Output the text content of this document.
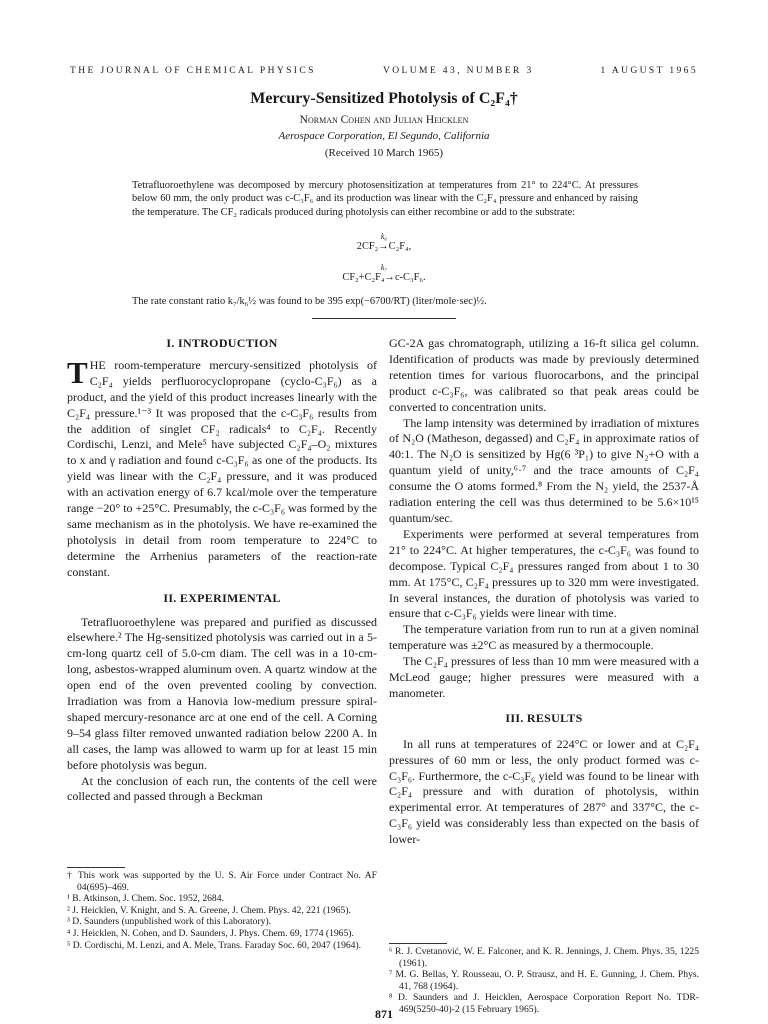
THE JOURNAL OF CHEMICAL PHYSICS	VOLUME 43, NUMBER 3	1 AUGUST 1965
Mercury-Sensitized Photolysis of C₂F₄†
Norman Cohen and Julian Heicklen
Aerospace Corporation, El Segundo, California
(Received 10 March 1965)

Tetrafluoroethylene was decomposed by mercury photosensitization at temperatures from 21° to 224°C. At pressures below 60 mm, the only product was c-C₃F₆ and its production was linear with the C₂F₄ pressure and enhanced by raising the temperature. The CF₂ radicals produced during photolysis can either recombine or add to the substrate:

k₆
2CF₂→C₂F₄,
k₇
CF₂+C₂F₄→c-C₃F₆.
The rate constant ratio k₇/k₆½ was found to be 395 exp(−6700/RT) (liter/mole·sec)½.
I. INTRODUCTION

THE room-temperature mercury-sensitized photolysis of C₂F₄ yields perfluorocyclopropane (cyclo-C₃F₆) as a product, and the yield of this product increases linearly with the C₂F₄ pressure.¹⁻³ It was proposed that the c-C₃F₆ results from the addition of singlet CF₂ radicals⁴ to C₂F₄. Recently Cordischi, Lenzi, and Mele⁵ have subjected C₂F₄–O₂ mixtures to x and γ radiation and found c-C₃F₆ as one of the products. Its yield was linear with the C₂F₄ pressure, and it was produced with an activation energy of 6.7 kcal/mole over the temperature range −20° to +25°C. Presumably, the c-C₃F₆ was formed by the same mechanism as in the photolysis. We have re-examined the photolysis in detail from room temperature to 224°C to determine the Arrhenius parameters of the reaction-rate constant.

II. EXPERIMENTAL

Tetrafluoroethylene was prepared and purified as discussed elsewhere.² The Hg-sensitized photolysis was carried out in a 5-cm-long quartz cell of 5.0-cm diam. The cell was in a 10-cm-long, asbestos-wrapped aluminum oven. A quartz window at the open end of the oven prevented cooling by convection. Irradiation was from a Hanovia low-medium pressure spiral-shaped mercury-resonance arc at one end of the cell. A Corning 9–54 glass filter removed unwanted radiation below 2200 A. In all cases, the lamp was allowed to warm up for at least 15 min before photolysis was begun.

At the conclusion of each run, the contents of the cell were collected and passed through a Beckman

† This work was supported by the U. S. Air Force under Contract No. AF 04(695)–469.

¹ B. Atkinson, J. Chem. Soc. 1952, 2684.

² J. Heicklen, V. Knight, and S. A. Greene, J. Chem. Phys. 42, 221 (1965).

³ D. Saunders (unpublished work of this Laboratory).

⁴ J. Heicklen, N. Cohen, and D. Saunders, J. Phys. Chem. 69, 1774 (1965).

⁵ D. Cordischi, M. Lenzi, and A. Mele, Trans. Faraday Soc. 60, 2047 (1964).

GC-2A gas chromatograph, utilizing a 16-ft silica gel column. Identification of products was made by previously determined retention times for various fluorocarbons, and the principal product c-C₃F₆, was calibrated so that peak areas could be converted to concentration units.

The lamp intensity was determined by irradiation of mixtures of N₂O (Matheson, degassed) and C₂F₄ in approximate ratios of 40:1. The N₂O is sensitized by Hg(6 ³P₁) to give N₂+O with a quantum yield of unity,⁶·⁷ and the trace amounts of C₂F₄ consume the O atoms formed.⁸ From the N₂ yield, the 2537-Å radiation entering the cell was thus determined to be 5.6×10¹⁵ quantum/sec.

Experiments were performed at several temperatures from 21° to 224°C. At higher temperatures, the c-C₃F₆ was found to decompose. Typical C₂F₄ pressures ranged from about 1 to 30 mm. At 175°C, C₂F₄ pressures up to 320 mm were investigated. In several instances, the duration of photolysis was varied to ensure that c-C₃F₆ yields were linear with time.

The temperature variation from run to run at a given nominal temperature was ±2°C as measured by a thermocouple.

The C₂F₄ pressures of less than 10 mm were measured with a McLeod gauge; higher pressures were measured with a manometer.

III. RESULTS

In all runs at temperatures of 224°C or lower and at C₂F₄ pressures of 60 mm or less, the only product formed was c-C₃F₆. Furthermore, the c-C₃F₆ yield was found to be linear with C₂F₄ pressure and with duration of photolysis, within experimental error. At temperatures of 287° and 337°C, the c-C₃F₆ yield was considerably less than expected on the basis of lower-

⁶ R. J. Cvetanović, W. E. Falconer, and K. R. Jennings, J. Chem. Phys. 35, 1225 (1961).

⁷ M. G. Bellas, Y. Rousseau, O. P. Strausz, and H. E. Gunning, J. Chem. Phys. 41, 768 (1964).

⁸ D. Saunders and J. Heicklen, Aerospace Corporation Report No. TDR-469(5250-40)-2 (15 February 1965).

871
